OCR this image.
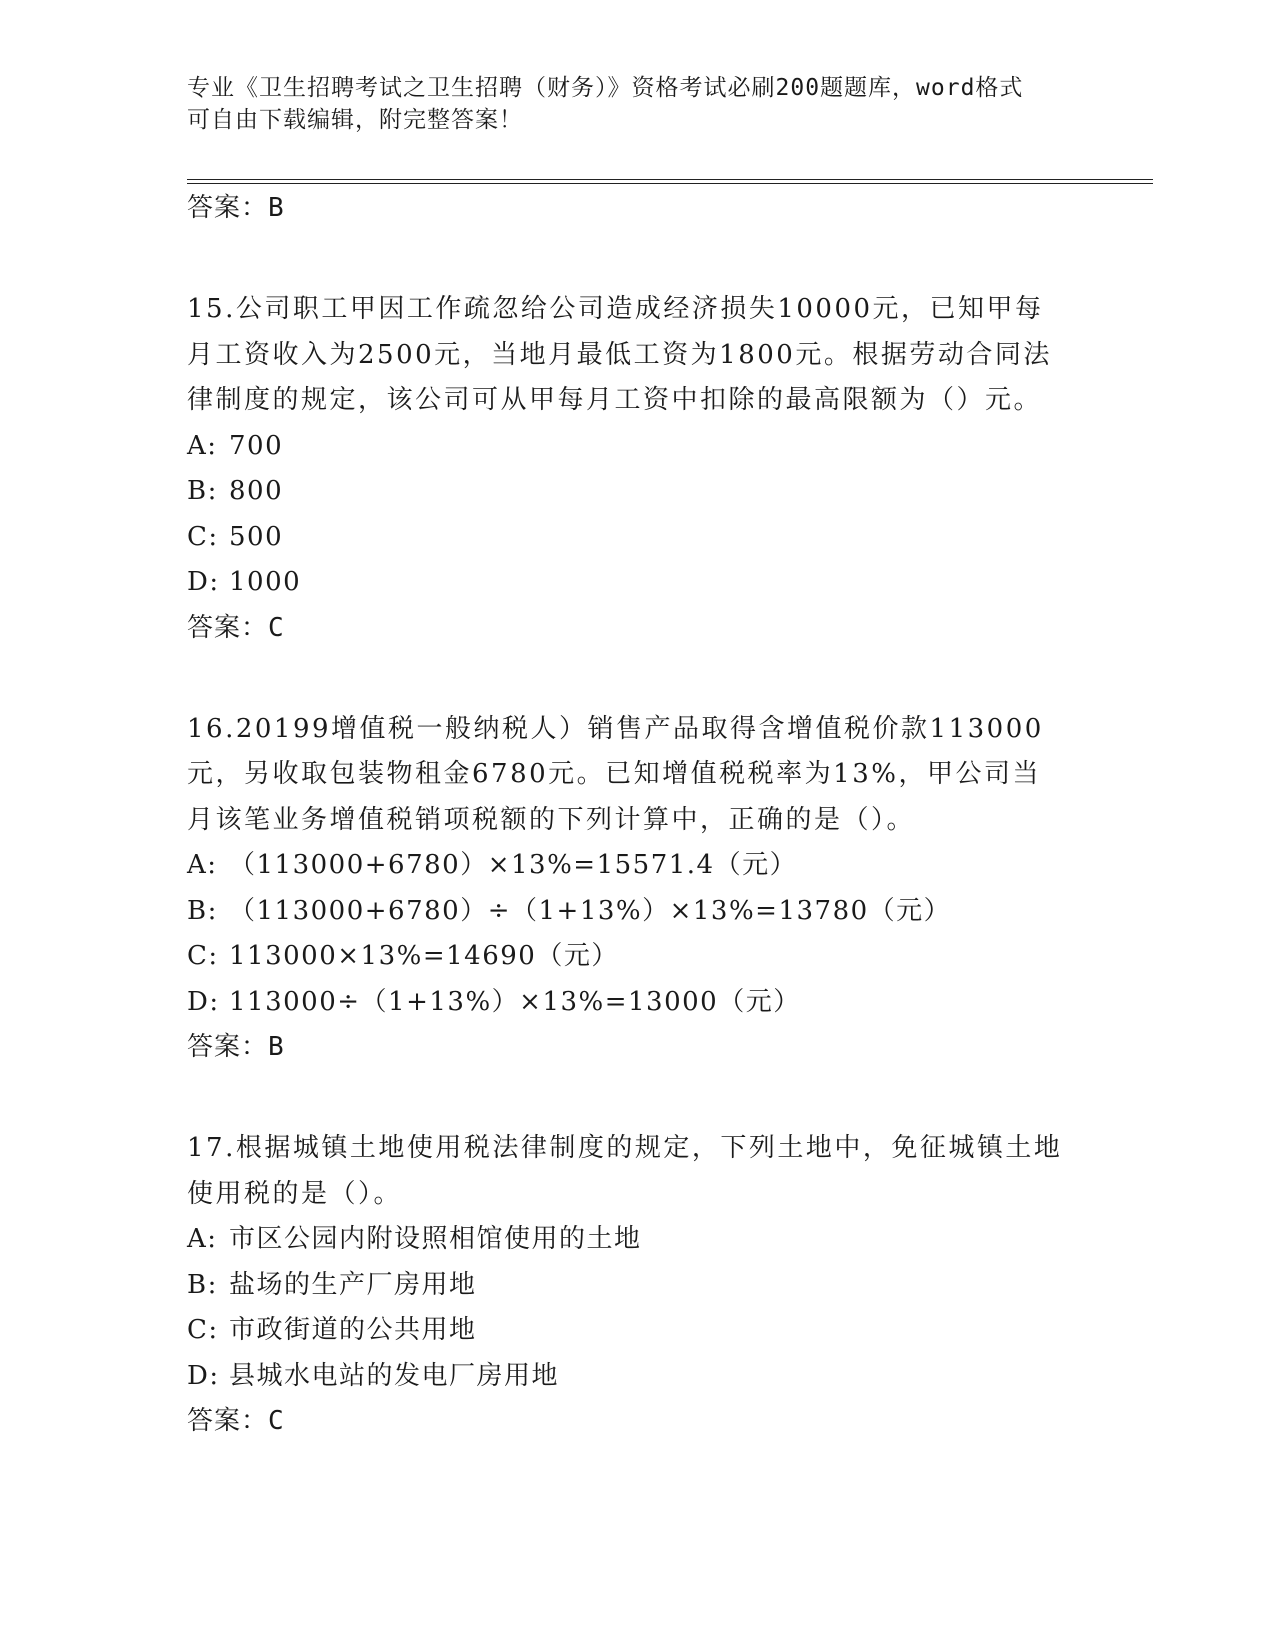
专业《卫生招聘考试之卫生招聘（财务）》资格考试必刷200题题库，word格式
可自由下载编辑，附完整答案！
答案：B
15.公司职工甲因工作疏忽给公司造成经济损失10000元，已知甲每月工资收入为2500元，当地月最低工资为1800元。根据劳动合同法律制度的规定，该公司可从甲每月工资中扣除的最高限额为（）元。
A: 700
B: 800
C: 500
D: 1000
答案：C
16.20199增值税一般纳税人）销售产品取得含增值税价款113000元，另收取包装物租金6780元。已知增值税税率为13%，甲公司当月该笔业务增值税销项税额的下列计算中，正确的是（）。
A: （113000+6780）×13%=15571.4（元）
B: （113000+6780）÷（1+13%）×13%=13780（元）
C: 113000×13%=14690（元）
D: 113000÷（1+13%）×13%=13000（元）
答案：B
17.根据城镇土地使用税法律制度的规定，下列土地中，免征城镇土地使用税的是（）。
A: 市区公园内附设照相馆使用的土地
B: 盐场的生产厂房用地
C: 市政街道的公共用地
D: 县城水电站的发电厂房用地
答案：C
